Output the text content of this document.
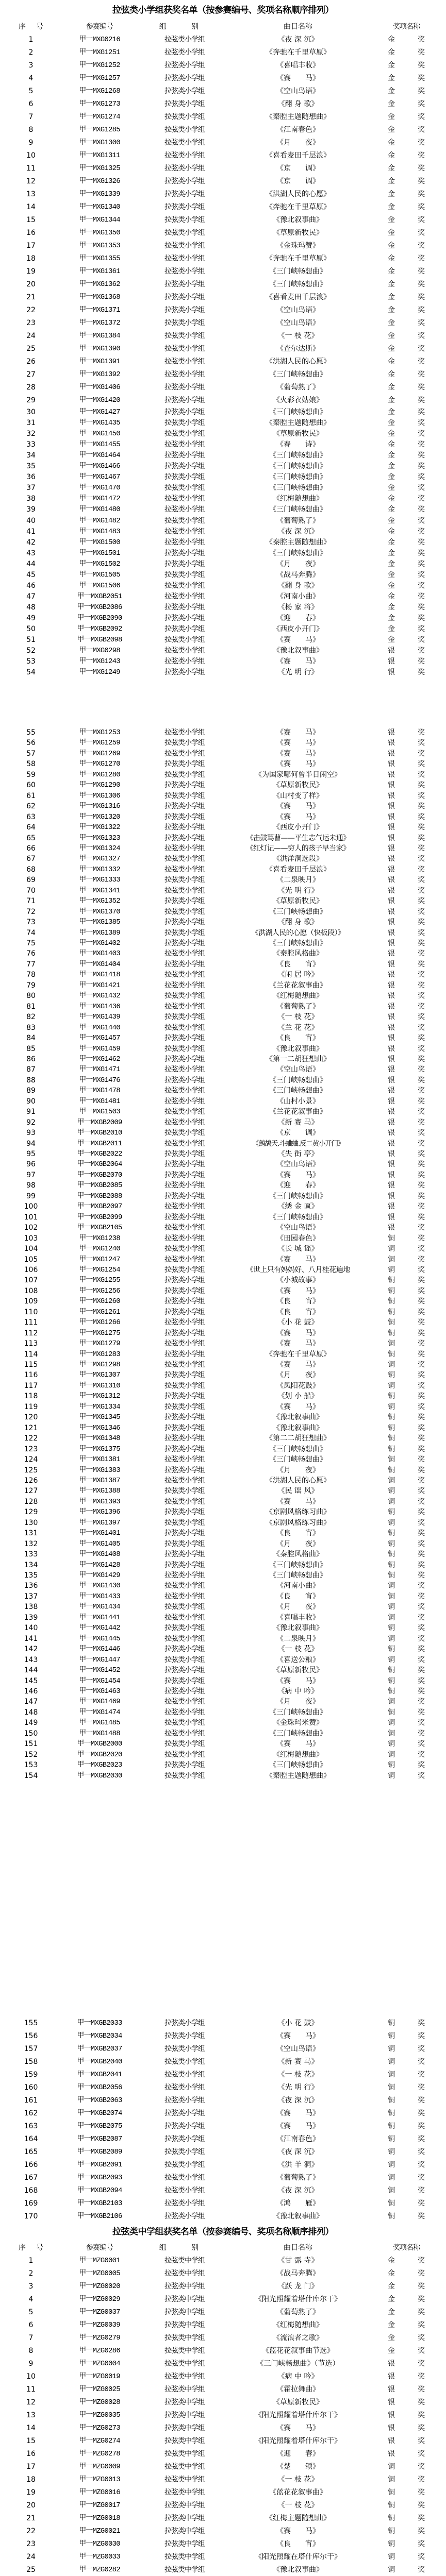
拉弦类小学组获奖名单（按参赛编号、奖项名称顺序排列）
序 号	参赛编号	组 别	曲目名称	奖项名称
1	甲一MXG0216	拉弦类小学组	《夜 深 沉》	金 奖
2	甲一MXG1251	拉弦类小学组	《奔驰在千里草原》	金 奖
3	甲一MXG1252	拉弦类小学组	《喜唱丰收》	金 奖
4	甲一MXG1257	拉弦类小学组	《赛　　马》	金 奖
5	甲一MXG1268	拉弦类小学组	《空山鸟语》	金 奖
6	甲一MXG1273	拉弦类小学组	《翻 身 歌》	金 奖
7	甲一MXG1274	拉弦类小学组	《秦腔主题随想曲》	金 奖
8	甲一MXG1285	拉弦类小学组	《江南春色》	金 奖
9	甲一MXG1300	拉弦类小学组	《月　　夜》	金 奖
10	甲一MXG1311	拉弦类小学组	《喜看麦田千层浪》	金 奖
11	甲一MXG1325	拉弦类小学组	《京　　调》	金 奖
12	甲一MXG1326	拉弦类小学组	《京　　调》	金 奖
13	甲一MXG1339	拉弦类小学组	《洪湖人民的心愿》	金 奖
14	甲一MXG1340	拉弦类小学组	《奔驰在千里草原》	金 奖
15	甲一MXG1344	拉弦类小学组	《豫北叙事曲》	金 奖
16	甲一MXG1350	拉弦类小学组	《草原新牧民》	金 奖
17	甲一MXG1353	拉弦类小学组	《金珠玛赞》	金 奖
18	甲一MXG1355	拉弦类小学组	《奔驰在千里草原》	金 奖
19	甲一MXG1361	拉弦类小学组	《三门峡畅想曲》	金 奖
20	甲一MXG1362	拉弦类小学组	《三门峡畅想曲》	金 奖
21	甲一MXG1368	拉弦类小学组	《喜看麦田千层浪》	金 奖
22	甲一MXG1371	拉弦类小学组	《空山鸟语》	金 奖
23	甲一MXG1372	拉弦类小学组	《空山鸟语》	金 奖
24	甲一MXG1384	拉弦类小学组	《一 枝 花》	金 奖
25	甲一MXG1390	拉弦类小学组	《查尔达斯》	金 奖
26	甲一MXG1391	拉弦类小学组	《洪湖人民的心愿》	金 奖
27	甲一MXG1392	拉弦类小学组	《三门峡畅想曲》	金 奖
28	甲一MXG1406	拉弦类小学组	《葡萄熟了》	金 奖
29	甲一MXG1420	拉弦类小学组	《火彩衣姑娘》	金 奖
30	甲一MXG1427	拉弦类小学组	《三门峡畅想曲》	金 奖
31	甲一MXG1435	拉弦类小学组	《秦腔主题随想曲》	金 奖
32	甲一MXG1450	拉弦类小学组	《草原新牧民》	金 奖
33	甲一MXG1455	拉弦类小学组	《春　　诗》	金 奖
34	甲一MXG1464	拉弦类小学组	《三门峡畅想曲》	金 奖
35	甲一MXG1466	拉弦类小学组	《三门峡畅想曲》	金 奖
36	甲一MXG1467	拉弦类小学组	《三门峡畅想曲》	金 奖
37	甲一MXG1470	拉弦类小学组	《三门峡畅想曲》	金 奖
38	甲一MXG1472	拉弦类小学组	《红梅随想曲》	金 奖
39	甲一MXG1480	拉弦类小学组	《三门峡畅想曲》	金 奖
40	甲一MXG1482	拉弦类小学组	《葡萄熟了》	金 奖
41	甲一MXG1483	拉弦类小学组	《夜 深 沉》	金 奖
42	甲一MXG1500	拉弦类小学组	《秦腔主题随想曲》	金 奖
43	甲一MXG1501	拉弦类小学组	《三门峡畅想曲》	金 奖
44	甲一MXG1502	拉弦类小学组	《月　　夜》	金 奖
45	甲一MXG1505	拉弦类小学组	《战马奔腾》	金 奖
46	甲一MXG1506	拉弦类小学组	《翻 身 歌》	金 奖
47	甲一MXGB2051	拉弦类小学组	《河南小曲》	金 奖
48	甲一MXGB2086	拉弦类小学组	《杨 家 将》	金 奖
49	甲一MXGB2090	拉弦类小学组	《迎　　春》	金 奖
50	甲一MXGB2092	拉弦类小学组	《西皮小开门》	金 奖
51	甲一MXGB2098	拉弦类小学组	《赛　　马》	金 奖
52	甲一MXG0298	拉弦类小学组	《豫北叙事曲》	银 奖
53	甲一MXG1243	拉弦类小学组	《赛　　马》	银 奖
54	甲一MXG1249	拉弦类小学组	《光 明 行》	银 奖
55	甲一MXG1253	拉弦类小学组	《赛　　马》	银 奖
56	甲一MXG1259	拉弦类小学组	《赛　　马》	银 奖
57	甲一MXG1269	拉弦类小学组	《赛　　马》	银 奖
58	甲一MXG1270	拉弦类小学组	《赛　　马》	银 奖
59	甲一MXG1280	拉弦类小学组	《为国家哪何曾半日闲空》	银 奖
60	甲一MXG1290	拉弦类小学组	《草原新牧民》	银 奖
61	甲一MXG1306	拉弦类小学组	《山村变了样》	银 奖
62	甲一MXG1316	拉弦类小学组	《赛　　马》	银 奖
63	甲一MXG1320	拉弦类小学组	《赛　　马》	银 奖
64	甲一MXG1322	拉弦类小学组	《西皮小开门》	银 奖
65	甲一MXG1323	拉弦类小学组	《击鼓骂曹——平生志气运未通》	银 奖
66	甲一MXG1324	拉弦类小学组	《红灯记——穷人的孩子早当家》	银 奖
67	甲一MXG1327	拉弦类小学组	《洪洋洞选段》	银 奖
68	甲一MXG1332	拉弦类小学组	《喜看麦田千层浪》	银 奖
69	甲一MXG1333	拉弦类小学组	《二泉映月》	银 奖
70	甲一MXG1341	拉弦类小学组	《光 明 行》	银 奖
71	甲一MXG1352	拉弦类小学组	《草原新牧民》	银 奖
72	甲一MXG1370	拉弦类小学组	《三门峡畅想曲》	银 奖
73	甲一MXG1385	拉弦类小学组	《翻 身 歌》	银 奖
74	甲一MXG1389	拉弦类小学组	《洪湖人民的心愿（快板段）》	银 奖
75	甲一MXG1402	拉弦类小学组	《三门峡畅想曲》	银 奖
76	甲一MXG1403	拉弦类小学组	《秦腔风格曲》	银 奖
77	甲一MXG1404	拉弦类小学组	《良　　宵》	银 奖
78	甲一MXG1418	拉弦类小学组	《闲 居 吟》	银 奖
79	甲一MXG1421	拉弦类小学组	《兰花花叙事曲》	银 奖
80	甲一MXG1432	拉弦类小学组	《红梅随想曲》	银 奖
81	甲一MXG1436	拉弦类小学组	《葡萄熟了》	银 奖
82	甲一MXG1439	拉弦类小学组	《一 枝 花》	银 奖
83	甲一MXG1440	拉弦类小学组	《兰 花 花》	银 奖
84	甲一MXG1457	拉弦类小学组	《良　　宵》	银 奖
85	甲一MXG1459	拉弦类小学组	《豫北叙事曲》	银 奖
86	甲一MXG1462	拉弦类小学组	《第一二胡狂想曲》	银 奖
87	甲一MXG1471	拉弦类小学组	《空山鸟语》	银 奖
88	甲一MXG1476	拉弦类小学组	《三门峡畅想曲》	银 奖
89	甲一MXG1478	拉弦类小学组	《三门峡畅想曲》	银 奖
90	甲一MXG1481	拉弦类小学组	《山村小景》	银 奖
91	甲一MXG1503	拉弦类小学组	《兰花花叙事曲》	银 奖
92	甲一MXGB2009	拉弦类小学组	《新 赛 马》	银 奖
93	甲一MXGB2010	拉弦类小学组	《京　　调》	银 奖
94	甲一MXGB2011	拉弦类小学组	《鹧鸪天.斗蛐蛐.反二黄小开门》	银 奖
95	甲一MXGB2022	拉弦类小学组	《失 街 亭》	银 奖
96	甲一MXGB2064	拉弦类小学组	《空山鸟语》	银 奖
97	甲一MXGB2070	拉弦类小学组	《赛　　马》	银 奖
98	甲一MXGB2085	拉弦类小学组	《迎　　春》	银 奖
99	甲一MXGB2088	拉弦类小学组	《三门峡畅想曲》	银 奖
100	甲一MXGB2097	拉弦类小学组	《绣 金 匾》	银 奖
101	甲一MXGB2099	拉弦类小学组	《三门峡畅想曲》	银 奖
102	甲一MXGB2105	拉弦类小学组	《空山鸟语》	银 奖
103	甲一MXG1238	拉弦类小学组	《田园春色》	铜 奖
104	甲一MXG1240	拉弦类小学组	《长 城 谣》	铜 奖
105	甲一MXG1247	拉弦类小学组	《赛　　马》	铜 奖
106	甲一MXG1254	拉弦类小学组	《世上只有妈妈好、八月桂花遍地	铜 奖
107	甲一MXG1255	拉弦类小学组	《小城故事》	铜 奖
108	甲一MXG1256	拉弦类小学组	《赛　　马》	铜 奖
109	甲一MXG1260	拉弦类小学组	《良　　宵》	铜 奖
110	甲一MXG1261	拉弦类小学组	《良　　宵》	铜 奖
111	甲一MXG1266	拉弦类小学组	《小 花 鼓》	铜 奖
112	甲一MXG1275	拉弦类小学组	《赛　　马》	铜 奖
113	甲一MXG1279	拉弦类小学组	《赛　　马》	铜 奖
114	甲一MXG1283	拉弦类小学组	《奔驰在千里草原》	铜 奖
115	甲一MXG1298	拉弦类小学组	《赛　　马》	铜 奖
116	甲一MXG1307	拉弦类小学组	《月　　夜》	铜 奖
117	甲一MXG1310	拉弦类小学组	《凤阳花鼓》	铜 奖
118	甲一MXG1312	拉弦类小学组	《划 小 船》	铜 奖
119	甲一MXG1334	拉弦类小学组	《赛　　马》	铜 奖
120	甲一MXG1345	拉弦类小学组	《豫北叙事曲》	铜 奖
121	甲一MXG1346	拉弦类小学组	《豫北叙事曲》	铜 奖
122	甲一MXG1348	拉弦类小学组	《第二二胡狂想曲》	铜 奖
123	甲一MXG1375	拉弦类小学组	《三门峡畅想曲》	铜 奖
124	甲一MXG1381	拉弦类小学组	《三门峡畅想曲》	铜 奖
125	甲一MXG1383	拉弦类小学组	《月　　夜》	铜 奖
126	甲一MXG1387	拉弦类小学组	《洪湖人民的心愿》	铜 奖
127	甲一MXG1388	拉弦类小学组	《民 谣 风》	铜 奖
128	甲一MXG1393	拉弦类小学组	《赛　　马》	铜 奖
129	甲一MXG1396	拉弦类小学组	《京剧风格练习曲》	铜 奖
130	甲一MXG1397	拉弦类小学组	《京剧风格练习曲》	铜 奖
131	甲一MXG1401	拉弦类小学组	《良　　宵》	铜 奖
132	甲一MXG1405	拉弦类小学组	《月　　夜》	铜 奖
133	甲一MXG1408	拉弦类小学组	《秦腔风格曲》	铜 奖
134	甲一MXG1428	拉弦类小学组	《三门峡畅想曲》	铜 奖
135	甲一MXG1429	拉弦类小学组	《三门峡畅想曲》	铜 奖
136	甲一MXG1430	拉弦类小学组	《河南小曲》	铜 奖
137	甲一MXG1433	拉弦类小学组	《良　　宵》	铜 奖
138	甲一MXG1434	拉弦类小学组	《月　　夜》	铜 奖
139	甲一MXG1441	拉弦类小学组	《喜唱丰收》	铜 奖
140	甲一MXG1442	拉弦类小学组	《豫北叙事曲》	铜 奖
141	甲一MXG1445	拉弦类小学组	《二泉映月》	铜 奖
142	甲一MXG1446	拉弦类小学组	《一 枝 花》	铜 奖
143	甲一MXG1447	拉弦类小学组	《喜送公粮》	铜 奖
144	甲一MXG1452	拉弦类小学组	《草原新牧民》	铜 奖
145	甲一MXG1454	拉弦类小学组	《赛　　马》	铜 奖
146	甲一MXG1463	拉弦类小学组	《病 中 吟》	铜 奖
147	甲一MXG1469	拉弦类小学组	《月　　夜》	铜 奖
148	甲一MXG1474	拉弦类小学组	《三门峡畅想曲》	铜 奖
149	甲一MXG1485	拉弦类小学组	《金珠玛米赞》	铜 奖
150	甲一MXG1488	拉弦类小学组	《三门峡畅想曲》	铜 奖
151	甲一MXGB2000	拉弦类小学组	《赛　　马》	铜 奖
152	甲一MXGB2020	拉弦类小学组	《红梅随想曲》	铜 奖
153	甲一MXGB2023	拉弦类小学组	《三门峡畅想曲》	铜 奖
154	甲一MXGB2030	拉弦类小学组	《秦腔主题随想曲》	铜 奖
155	甲一MXGB2033	拉弦类小学组	《小 花 鼓》	铜 奖
156	甲一MXGB2034	拉弦类小学组	《赛　　马》	铜 奖
157	甲一MXGB2037	拉弦类小学组	《空山鸟语》	铜 奖
158	甲一MXGB2040	拉弦类小学组	《新 赛 马》	铜 奖
159	甲一MXGB2041	拉弦类小学组	《一 枝 花》	铜 奖
160	甲一MXGB2056	拉弦类小学组	《光 明 行》	铜 奖
161	甲一MXGB2063	拉弦类小学组	《夜 深 沉》	铜 奖
162	甲一MXGB2074	拉弦类小学组	《赛　　马》	铜 奖
163	甲一MXGB2075	拉弦类小学组	《赛　　马》	铜 奖
164	甲一MXGB2087	拉弦类小学组	《江南春色》	铜 奖
165	甲一MXGB2089	拉弦类小学组	《夜 深 沉》	铜 奖
166	甲一MXGB2091	拉弦类小学组	《洪 羊 洞》	铜 奖
167	甲一MXGB2093	拉弦类小学组	《葡萄熟了》	铜 奖
168	甲一MXGB2094	拉弦类小学组	《夜 深 沉》	铜 奖
169	甲一MXGB2103	拉弦类小学组	《鸿　　雁》	铜 奖
170	甲一MXGB2106	拉弦类小学组	《豫北叙事曲》	铜 奖
拉弦类中学组获奖名单（按参赛编号、奖项名称顺序排列）
序 号	参赛编号	组 别	曲目名称	奖项名称
1	甲一MZG0001	拉弦类中学组	《甘 露 寺》	金 奖
2	甲一MZG0005	拉弦类中学组	《战马奔腾》	金 奖
3	甲一MZG0020	拉弦类中学组	《跃 龙 门》	金 奖
4	甲一MZG0029	拉弦类中学组	《阳光照耀着塔什库尔干》	金 奖
5	甲一MZG0037	拉弦类中学组	《葡萄熟了》	金 奖
6	甲一MZG0039	拉弦类中学组	《红梅随想曲》	金 奖
7	甲一MZG0279	拉弦类中学组	《流浪者之歌》	金 奖
8	甲一MZG0286	拉弦类中学组	《蓝花花叙事曲节选》	金 奖
9	甲一MZG0004	拉弦类中学组	《三门峡畅想曲》（节选）	银 奖
10	甲一MZG0019	拉弦类中学组	《病 中 吟》	银 奖
11	甲一MZG0025	拉弦类中学组	《霍拉舞曲》	银 奖
12	甲一MZG0028	拉弦类中学组	《草原新牧民》	银 奖
13	甲一MZG0035	拉弦类中学组	《阳光照耀着塔什库尔干》	银 奖
14	甲一MZG0273	拉弦类中学组	《赛　　马》	银 奖
15	甲一MZG0274	拉弦类中学组	《阳光照耀着塔什库尔干》	银 奖
16	甲一MZG0278	拉弦类中学组	《迎　　春》	银 奖
17	甲一MZG0009	拉弦类中学组	《楚　　颂》	铜 奖
18	甲一MZG0013	拉弦类中学组	《一 枝 花》	铜 奖
19	甲一MZG0016	拉弦类中学组	《蓝花花叙事曲》	铜 奖
20	甲一MZG0017	拉弦类中学组	《一 枝 花》	铜 奖
21	甲一MZG0018	拉弦类中学组	《红梅主题随想曲》	铜 奖
22	甲一MZG0021	拉弦类中学组	《赛　　马》	铜 奖
23	甲一MZG0030	拉弦类中学组	《良　　宵》	铜 奖
24	甲一MZG0033	拉弦类中学组	《阳光照耀在塔什库尔干》	铜 奖
25	甲一MZG0282	拉弦类中学组	《豫北叙事曲》	铜 奖
